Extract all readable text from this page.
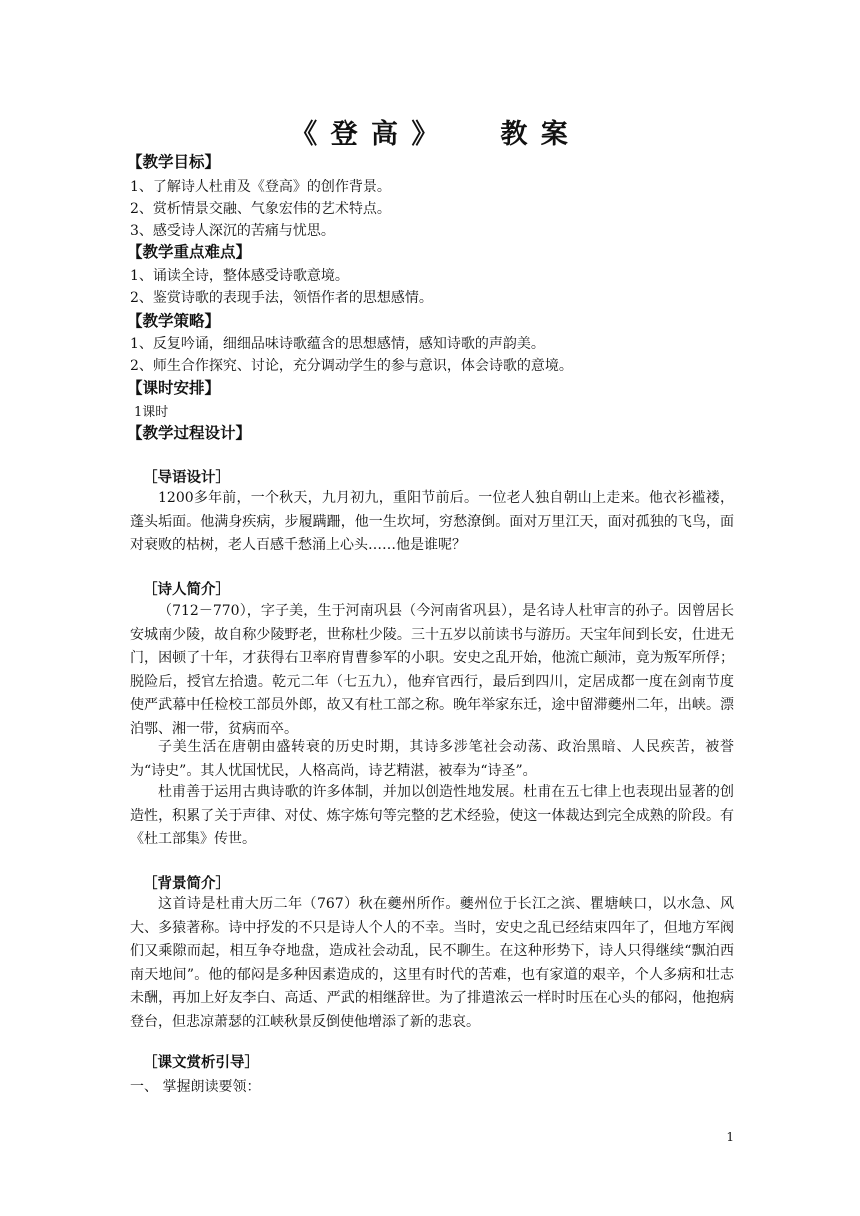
《 登 高 》 教 案
【教学目标】
1、了解诗人杜甫及《登高》的创作背景。
2、赏析情景交融、气象宏伟的艺术特点。
3、感受诗人深沉的苦痛与忧思。
【教学重点难点】
1、诵读全诗，整体感受诗歌意境。
2、鉴赏诗歌的表现手法，领悟作者的思想感情。
【教学策略】
1、反复吟诵，细细品味诗歌蕴含的思想感情，感知诗歌的声韵美。
2、师生合作探究、讨论，充分调动学生的参与意识，体会诗歌的意境。
【课时安排】
1课时
【教学过程设计】
［导语设计］
1200多年前，一个秋天，九月初九，重阳节前后。一位老人独自朝山上走来。他衣衫褴褛，蓬头垢面。他满身疾病，步履蹒跚，他一生坎坷，穷愁潦倒。面对万里江天，面对孤独的飞鸟，面对衰败的枯树，老人百感千愁涌上心头……他是谁呢？
［诗人简介］
（712－770），字子美，生于河南巩县（今河南省巩县），是名诗人杜审言的孙子。因曾居长安城南少陵，故自称少陵野老，世称杜少陵。三十五岁以前读书与游历。天宝年间到长安，仕进无门，困顿了十年，才获得右卫率府胄曹参军的小职。安史之乱开始，他流亡颠沛，竟为叛军所俘；脱险后，授官左拾遗。乾元二年（七五九），他弃官西行，最后到四川，定居成都一度在剑南节度使严武幕中任检校工部员外郎，故又有杜工部之称。晚年举家东迁，途中留滞夔州二年，出峡。漂泊鄂、湘一带，贫病而卒。
子美生活在唐朝由盛转衰的历史时期，其诗多涉笔社会动荡、政治黑暗、人民疾苦，被誉为“诗史”。其人忧国忧民，人格高尚，诗艺精湛，被奉为“诗圣”。
杜甫善于运用古典诗歌的许多体制，并加以创造性地发展。杜甫在五七律上也表现出显著的创造性，积累了关于声律、对仗、炼字炼句等完整的艺术经验，使这一体裁达到完全成熟的阶段。有《杜工部集》传世。
［背景简介］
这首诗是杜甫大历二年（767）秋在夔州所作。夔州位于长江之滨、瞿塘峡口，以水急、风大、多猿著称。诗中抒发的不只是诗人个人的不幸。当时，安史之乱已经结束四年了，但地方军阀们又乘隙而起，相互争夺地盘，造成社会动乱，民不聊生。在这种形势下，诗人只得继续“飘泊西南天地间”。他的郁闷是多种因素造成的，这里有时代的苦难，也有家道的艰辛，个人多病和壮志未酬，再加上好友李白、高适、严武的相继辞世。为了排遣浓云一样时时压在心头的郁闷，他抱病登台，但悲凉萧瑟的江峡秋景反倒使他增添了新的悲哀。
［课文赏析引导］
一、 掌握朗读要领：
1
